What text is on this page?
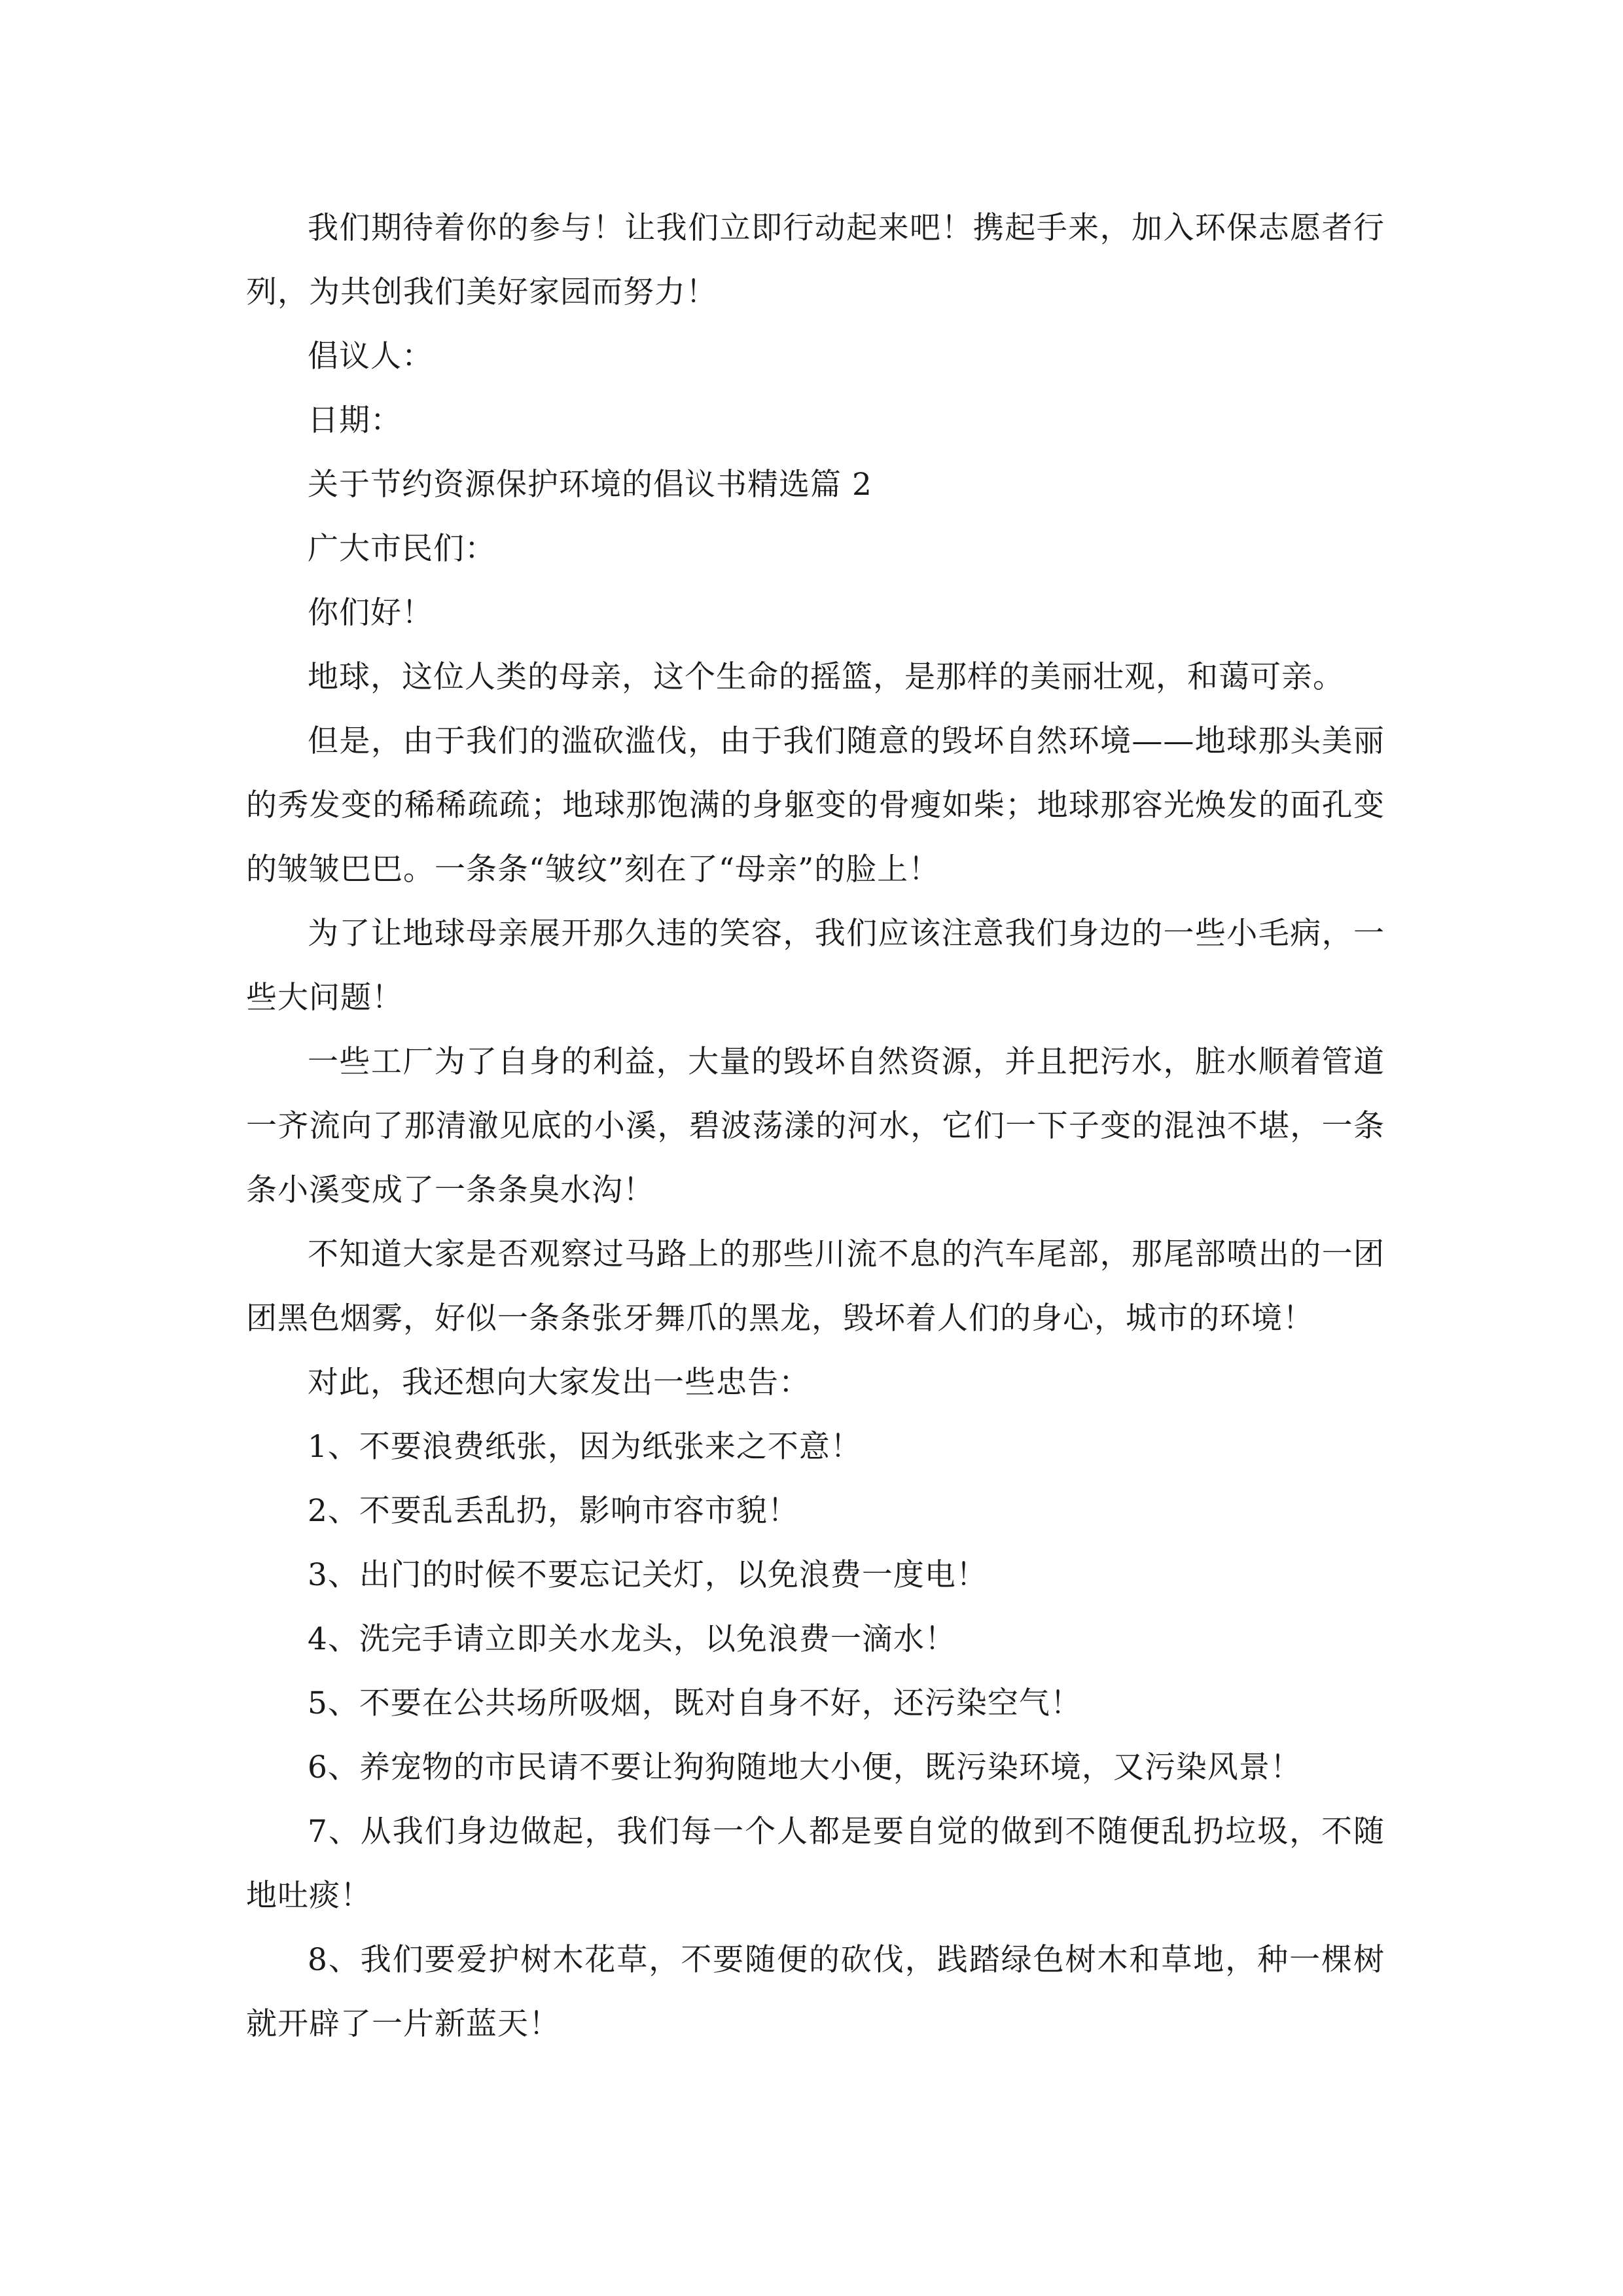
我们期待着你的参与！让我们立即行动起来吧！携起手来，加入环保志愿者行列，为共创我们美好家园而努力！

倡议人：

日期：

关于节约资源保护环境的倡议书精选篇 2

广大市民们：

你们好！

地球，这位人类的母亲，这个生命的摇篮，是那样的美丽壮观，和蔼可亲。

但是，由于我们的滥砍滥伐，由于我们随意的毁坏自然环境——地球那头美丽的秀发变的稀稀疏疏；地球那饱满的身躯变的骨瘦如柴；地球那容光焕发的面孔变的皱皱巴巴。一条条“皱纹”刻在了“母亲”的脸上！

为了让地球母亲展开那久违的笑容，我们应该注意我们身边的一些小毛病，一些大问题！

一些工厂为了自身的利益，大量的毁坏自然资源，并且把污水，脏水顺着管道一齐流向了那清澈见底的小溪，碧波荡漾的河水，它们一下子变的混浊不堪，一条条小溪变成了一条条臭水沟！

不知道大家是否观察过马路上的那些川流不息的汽车尾部，那尾部喷出的一团团黑色烟雾，好似一条条张牙舞爪的黑龙，毁坏着人们的身心，城市的环境！

对此，我还想向大家发出一些忠告：

1、不要浪费纸张，因为纸张来之不意！

2、不要乱丢乱扔，影响市容市貌！

3、出门的时候不要忘记关灯，以免浪费一度电！

4、洗完手请立即关水龙头，以免浪费一滴水！

5、不要在公共场所吸烟，既对自身不好，还污染空气！

6、养宠物的市民请不要让狗狗随地大小便，既污染环境，又污染风景！

7、从我们身边做起，我们每一个人都是要自觉的做到不随便乱扔垃圾，不随地吐痰！

8、我们要爱护树木花草，不要随便的砍伐，践踏绿色树木和草地，种一棵树就开辟了一片新蓝天！
